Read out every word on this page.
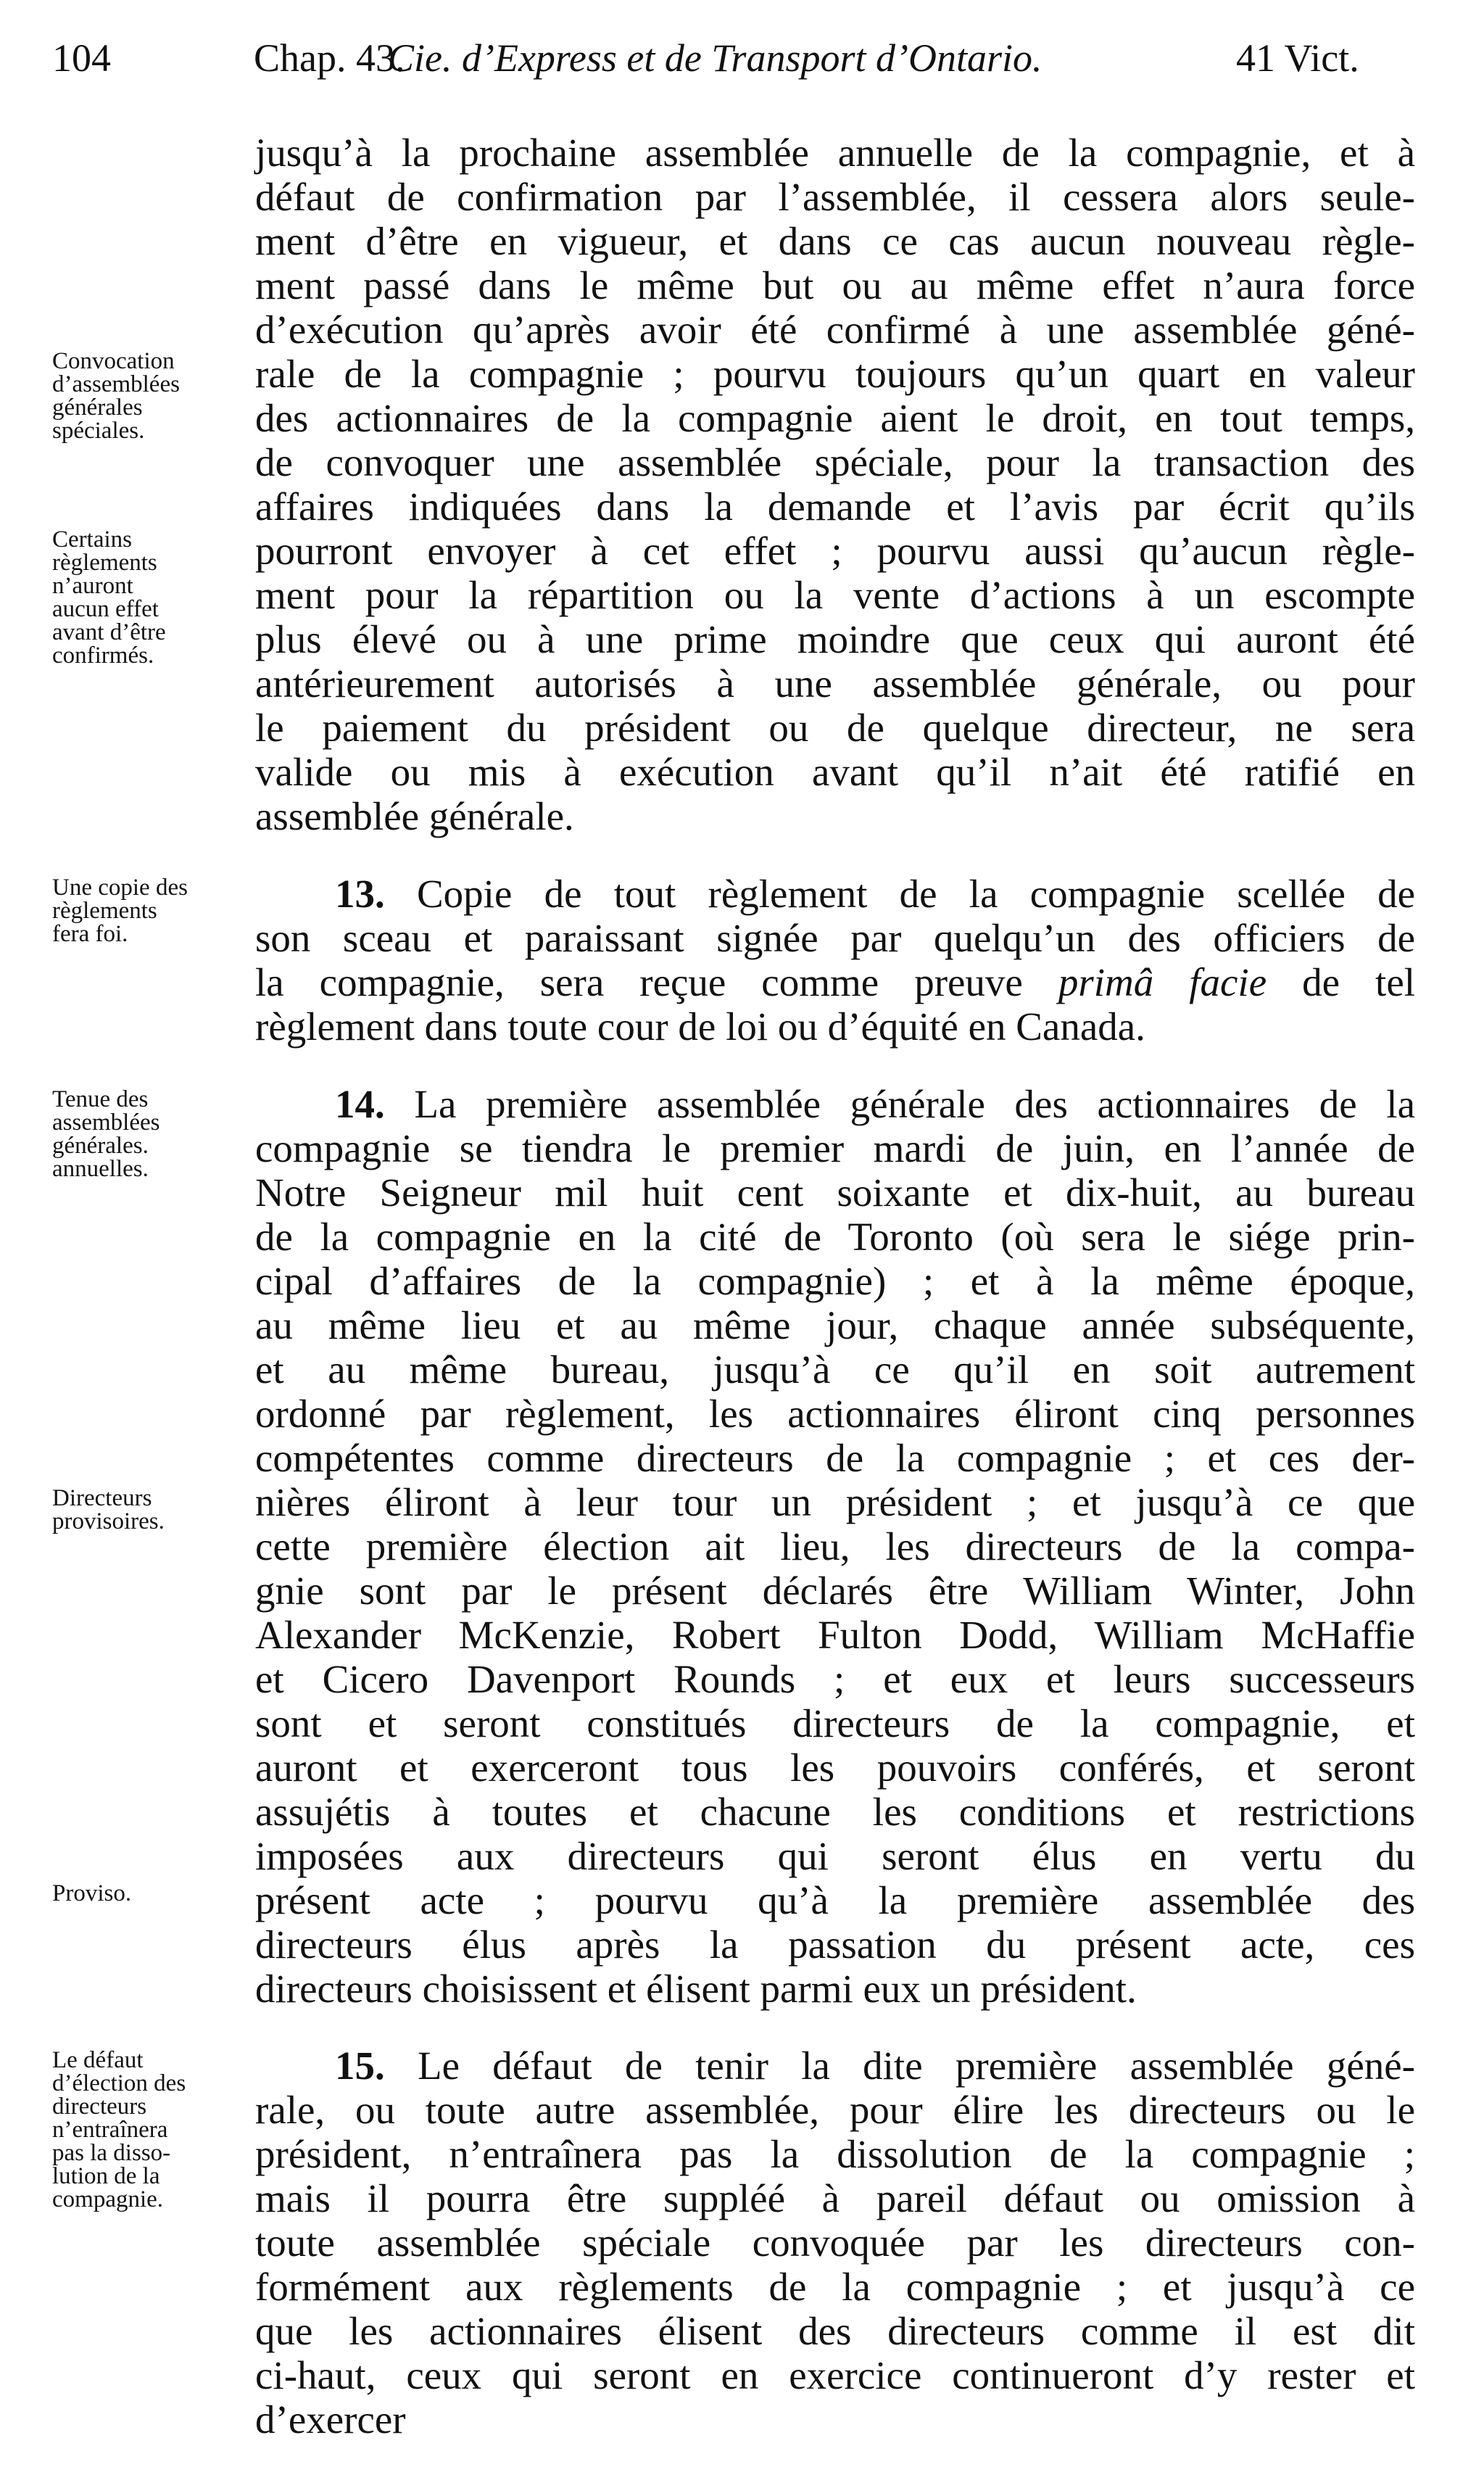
104	Chap. 43.
Cie. d’Express et de Transport d’Ontario.	41 Vict.
Convocation
d’assemblées
générales
spéciales.
Certains
règlements
n’auront
aucun effet
avant d’être
confirmés.
Une copie des
règlements
fera foi.
Tenue des
assemblées
générales.
annuelles.
Directeurs
provisoires.
Proviso.
Le défaut
d’élection des
directeurs
n’entraînera
pas la disso-
lution de la
compagnie.
jusqu’à la prochaine assemblée annuelle de la compagnie, et à
défaut de confirmation par l’assemblée, il cessera alors seule-
ment d’être en vigueur, et dans ce cas aucun nouveau règle-
ment passé dans le même but ou au même effet n’aura force
d’exécution qu’après avoir été confirmé à une assemblée géné-
rale de la compagnie ; pourvu toujours qu’un quart en valeur
des actionnaires de la compagnie aient le droit, en tout temps,
de convoquer une assemblée spéciale, pour la transaction des
affaires indiquées dans la demande et l’avis par écrit qu’ils
pourront envoyer à cet effet ; pourvu aussi qu’aucun règle-
ment pour la répartition ou la vente d’actions à un escompte
plus élevé ou à une prime moindre que ceux qui auront été
antérieurement autorisés à une assemblée générale, ou pour
le paiement du président ou de quelque directeur, ne sera
valide ou mis à exécution avant qu’il n’ait été ratifié en
assemblée générale.
  13. Copie de tout règlement de la compagnie scellée de
son sceau et paraissant signée par quelqu’un des officiers de
la compagnie, sera reçue comme preuve primâ facie de tel
règlement dans toute cour de loi ou d’équité en Canada.
  14. La première assemblée générale des actionnaires de la
compagnie se tiendra le premier mardi de juin, en l’année de
Notre Seigneur mil huit cent soixante et dix-huit, au bureau
de la compagnie en la cité de Toronto (où sera le siége prin-
cipal d’affaires de la compagnie) ; et à la même époque,
au même lieu et au même jour, chaque année subséquente,
et au même bureau, jusqu’à ce qu’il en soit autrement
ordonné par règlement, les actionnaires éliront cinq personnes
compétentes comme directeurs de la compagnie ; et ces der-
nières éliront à leur tour un président ; et jusqu’à ce que
cette première élection ait lieu, les directeurs de la compa-
gnie sont par le présent déclarés être William Winter, John
Alexander McKenzie, Robert Fulton Dodd, William McHaffie
et Cicero Davenport Rounds ; et eux et leurs successeurs
sont et seront constitués directeurs de la compagnie, et
auront et exerceront tous les pouvoirs conférés, et seront
assujétis à toutes et chacune les conditions et restrictions
imposées aux directeurs qui seront élus en vertu du
présent acte ; pourvu qu’à la première assemblée des
directeurs élus après la passation du présent acte, ces
directeurs choisissent et élisent parmi eux un président.
  15. Le défaut de tenir la dite première assemblée géné-
rale, ou toute autre assemblée, pour élire les directeurs ou le
président, n’entraînera pas la dissolution de la compagnie ;
mais il pourra être suppléé à pareil défaut ou omission à
toute assemblée spéciale convoquée par les directeurs con-
formément aux règlements de la compagnie ; et jusqu’à ce
que les actionnaires élisent des directeurs comme il est dit
ci-haut, ceux qui seront en exercice continueront d’y rester et
d’exercer
